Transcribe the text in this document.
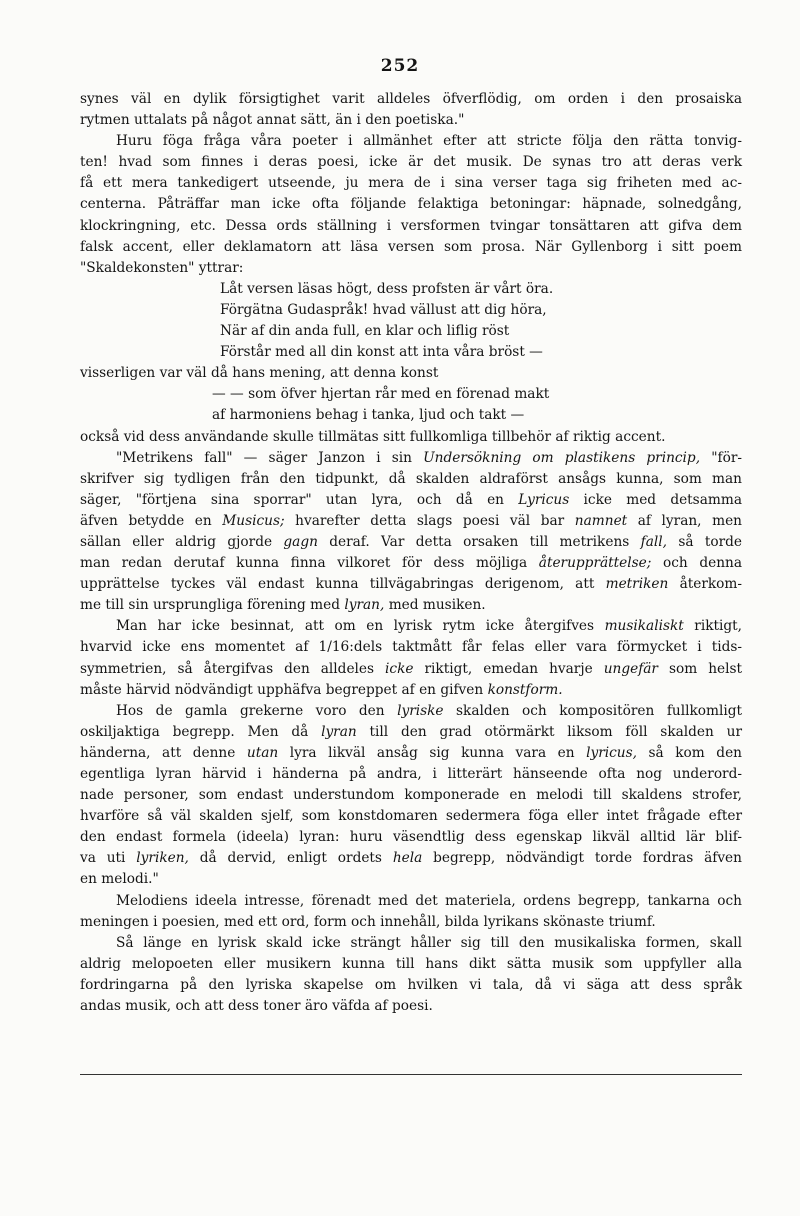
252
synes väl en dylik försigtighet varit alldeles öfverflödig, om orden i den prosaiska
rytmen uttalats på något annat sätt, än i den poetiska."
Huru föga fråga våra poeter i allmänhet efter att stricte följa den rätta tonvig-
ten! hvad som finnes i deras poesi, icke är det musik. De synas tro att deras verk
få ett mera tankedigert utseende, ju mera de i sina verser taga sig friheten med ac-
centerna. Påträffar man icke ofta följande felaktiga betoningar: häpnade, solnedgång,
klockringning, etc. Dessa ords ställning i versformen tvingar tonsättaren att gifva dem
falsk accent, eller deklamatorn att läsa versen som prosa. När Gyllenborg i sitt poem
"Skaldekonsten" yttrar:
Låt versen läsas högt, dess profsten är vårt öra.
Förgätna Gudaspråk! hvad vällust att dig höra,
När af din anda full, en klar och liflig röst
Förstår med all din konst att inta våra bröst —
visserligen var väl då hans mening, att denna konst
— — som öfver hjertan rår med en förenad makt
af harmoniens behag i tanka, ljud och takt —
också vid dess användande skulle tillmätas sitt fullkomliga tillbehör af riktig accent.
"Metrikens fall" — säger Janzon i sin Undersökning om plastikens princip, "för-
skrifver sig tydligen från den tidpunkt, då skalden aldraförst ansågs kunna, som man
säger, "förtjena sina sporrar" utan lyra, och då en Lyricus icke med detsamma
äfven betydde en Musicus; hvarefter detta slags poesi väl bar namnet af lyran, men
sällan eller aldrig gjorde gagn deraf. Var detta orsaken till metrikens fall, så torde
man redan derutaf kunna finna vilkoret för dess möjliga återupprättelse; och denna
upprättelse tyckes väl endast kunna tillvägabringas derigenom, att metriken återkom-
me till sin ursprungliga förening med lyran, med musiken.
Man har icke besinnat, att om en lyrisk rytm icke återgifves musikaliskt riktigt,
hvarvid icke ens momentet af 1/16:dels taktmått får felas eller vara förmycket i tids-
symmetrien, så återgifvas den alldeles icke riktigt, emedan hvarje ungefär som helst
måste härvid nödvändigt upphäfva begreppet af en gifven konstform.
Hos de gamla grekerne voro den lyriske skalden och kompositören fullkomligt
oskiljaktiga begrepp. Men då lyran till den grad otörmärkt liksom föll skalden ur
händerna, att denne utan lyra likväl ansåg sig kunna vara en lyricus, så kom den
egentliga lyran härvid i händerna på andra, i litterärt hänseende ofta nog underord-
nade personer, som endast understundom komponerade en melodi till skaldens strofer,
hvarföre så väl skalden sjelf, som konstdomaren sedermera föga eller intet frågade efter
den endast formela (ideela) lyran: huru väsendtlig dess egenskap likväl alltid lär blif-
va uti lyriken, då dervid, enligt ordets hela begrepp, nödvändigt torde fordras äfven
en melodi."
Melodiens ideela intresse, förenadt med det materiela, ordens begrepp, tankarna och
meningen i poesien, med ett ord, form och innehåll, bilda lyrikans skönaste triumf.
Så länge en lyrisk skald icke strängt håller sig till den musikaliska formen, skall
aldrig melopoeten eller musikern kunna till hans dikt sätta musik som uppfyller alla
fordringarna på den lyriska skapelse om hvilken vi tala, då vi säga att dess språk
andas musik, och att dess toner äro väfda af poesi.
